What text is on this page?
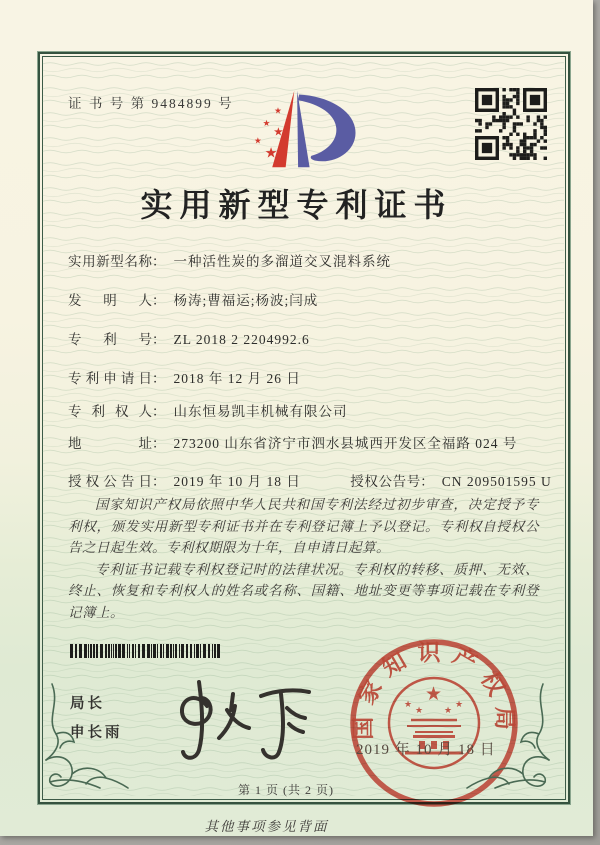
证 书 号 第 9484899 号
★
★
★
★
★
实用新型专利证书
实用新型名称： 一种活性炭的多溜道交叉混料系统
发明人： 杨涛;曹福运;杨波;闫成
专利号： ZL 2018 2 2204992.6
专利申请日： 2018 年 12 月 26 日
专利权人： 山东恒易凯丰机械有限公司
地址： 273200 山东省济宁市泗水县城西开发区全福路 024 号
授权公告日： 2019 年 10 月 18 日	授权公告号： CN 209501595 U

国家知识产权局依照中华人民共和国专利法经过初步审查，决定授予专利权，颁发实用新型专利证书并在专利登记簿上予以登记。专利权自授权公告之日起生效。专利权期限为十年，自申请日起算。

专利证书记载专利权登记时的法律状况。专利权的转移、质押、无效、终止、恢复和专利权人的姓名或名称、国籍、地址变更等事项记载在专利登记簿上。

局长
申长雨	国家知识产权局
★
★
★ ★
★
2019 年 10 月 18 日
第 1 页 (共 2 页)
其他事项参见背面
